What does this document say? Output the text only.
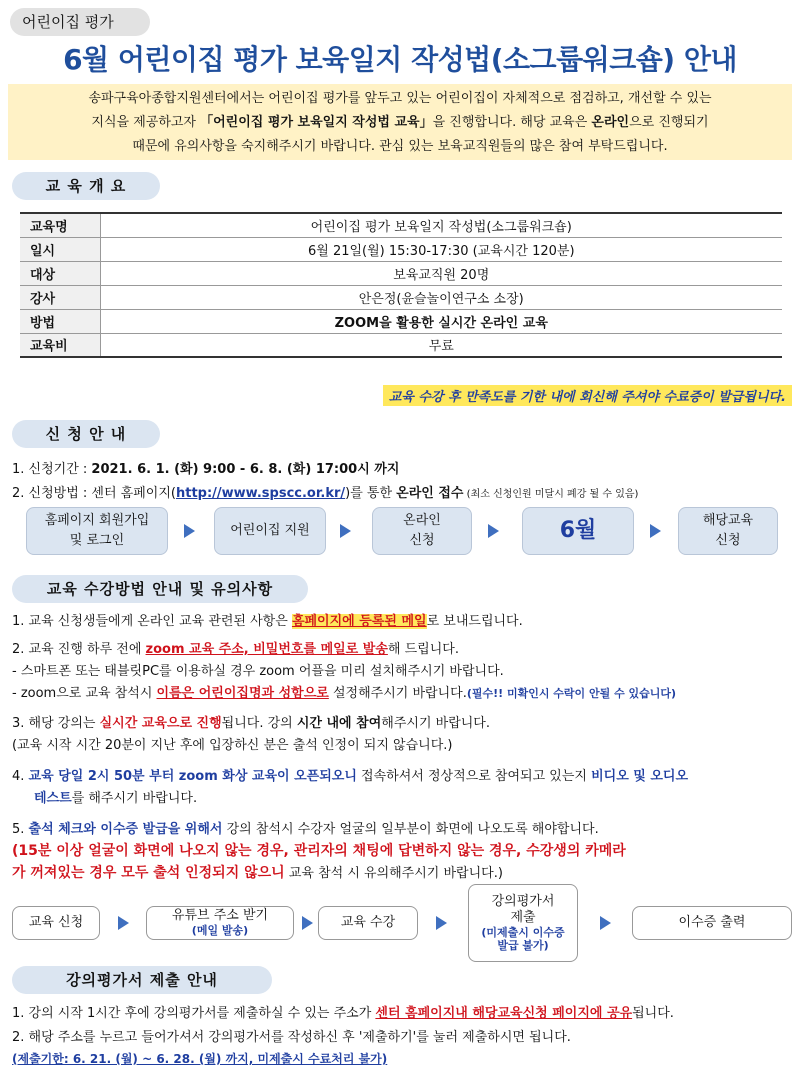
어린이집 평가
6월 어린이집 평가 보육일지 작성법(소그룹워크숍) 안내
송파구육아종합지원센터에서는 어린이집 평가를 앞두고 있는 어린이집이 자체적으로 점검하고, 개선할 수 있는
지식을 제공하고자 「어린이집 평가 보육일지 작성법 교육」을 진행합니다. 해당 교육은 온라인으로 진행되기
때문에 유의사항을 숙지해주시기 바랍니다. 관심 있는 보육교직원들의 많은 참여 부탁드립니다.
교 육 개 요
교육명	어린이집 평가 보육일지 작성법(소그룹워크숍)
일시	6월 21일(월) 15:30-17:30 (교육시간 120분)
대상	보육교직원 20명
강사	안은정(윤슬놀이연구소 소장)
방법	ZOOM을 활용한 실시간 온라인 교육
교육비	무료
교육 수강 후 만족도를 기한 내에 회신해 주셔야 수료증이 발급됩니다.
신 청 안 내
1. 신청기간 : 2021. 6. 1. (화) 9:00 - 6. 8. (화) 17:00시 까지
2. 신청방법 : 센터 홈페이지(http://www.spscc.or.kr/)를 통한 온라인 접수 (최소 신청인원 미달시 폐강 될 수 있음)
홈페이지 회원가입
및 로그인
어린이집 지원
온라인
신청	6월	해당교육
신청
교육 수강방법 안내 및 유의사항
1. 교육 신청생들에게 온라인 교육 관련된 사항은 홈페이지에 등록된 메일로 보내드립니다.
2. 교육 진행 하루 전에 zoom 교육 주소, 비밀번호를 메일로 발송해 드립니다.
- 스마트폰 또는 태블릿PC를 이용하실 경우 zoom 어플을 미리 설치해주시기 바랍니다.
- zoom으로 교육 참석시 이름은 어린이집명과 성함으로 설정해주시기 바랍니다.(필수!! 미확인시 수락이 안될 수 있습니다)
3. 해당 강의는 실시간 교육으로 진행됩니다. 강의 시간 내에 참여해주시기 바랍니다.
(교육 시작 시간 20분이 지난 후에 입장하신 분은 출석 인정이 되지 않습니다.)
4. 교육 당일 2시 50분 부터 zoom 화상 교육이 오픈되오니 접속하셔서 정상적으로 참여되고 있는지 비디오 및 오디오
테스트를 해주시기 바랍니다.
5. 출석 체크와 이수증 발급을 위해서 강의 참석시 수강자 얼굴의 일부분이 화면에 나오도록 해야합니다.
(15분 이상 얼굴이 화면에 나오지 않는 경우, 관리자의 채팅에 답변하지 않는 경우, 수강생의 카메라
가 꺼져있는 경우 모두 출석 인정되지 않으니 교육 참석 시 유의해주시기 바랍니다.)
교육 신청	유튜브 주소 받기
(메일 발송)
교육 수강
강의평가서
제출
(미제출시 이수증
발급 불가)
이수증 출력
강의평가서 제출 안내
1. 강의 시작 1시간 후에 강의평가서를 제출하실 수 있는 주소가 센터 홈페이지내 해당교육신청 페이지에 공유됩니다.
2. 해당 주소를 누르고 들어가셔서 강의평가서를 작성하신 후 '제출하기'를 눌러 제출하시면 됩니다.
(제출기한: 6. 21. (월) ~ 6. 28. (월) 까지, 미제출시 수료처리 불가)
